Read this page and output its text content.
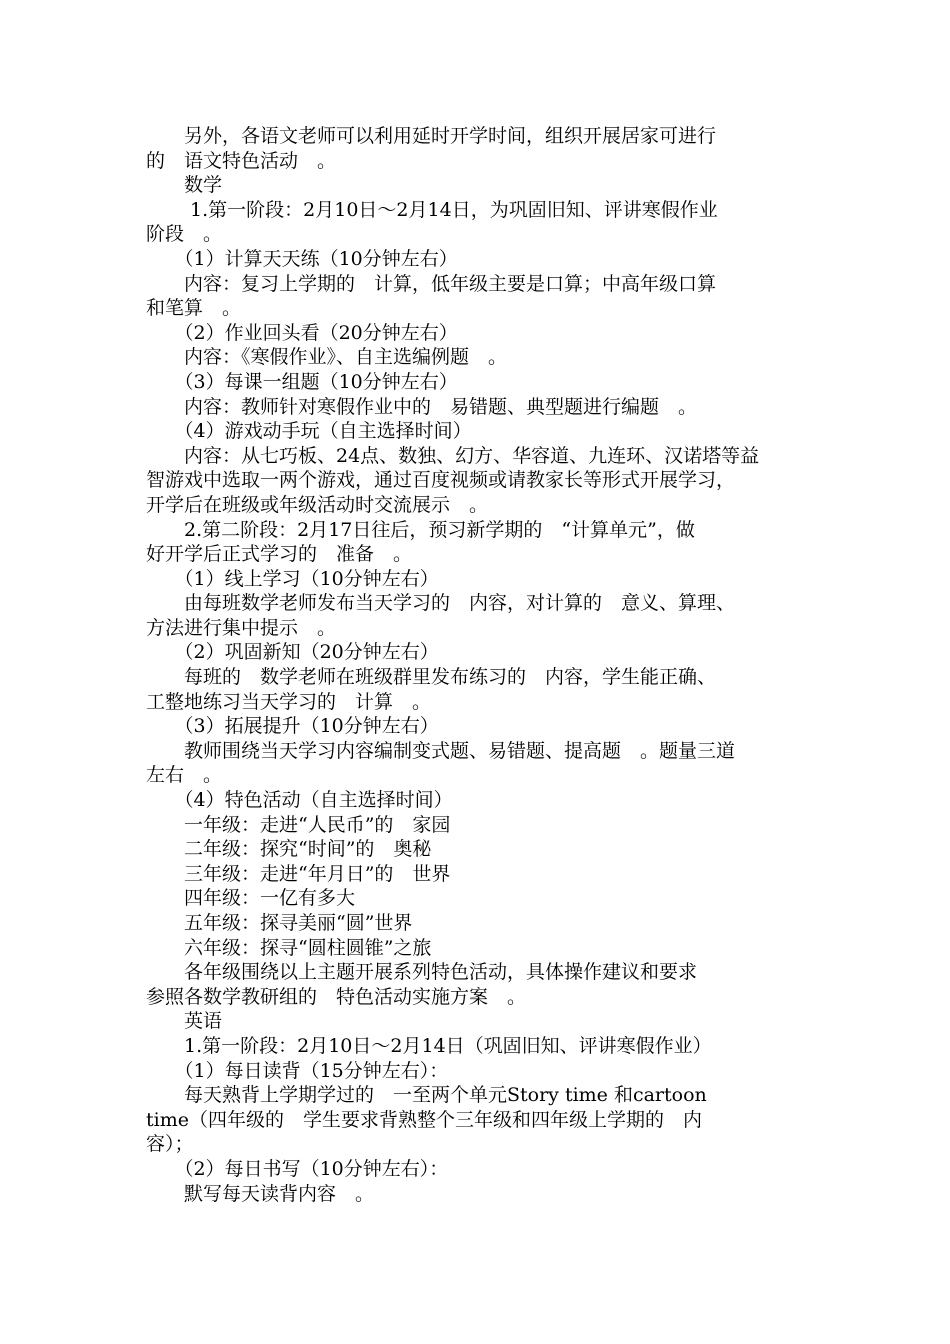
　　另外，各语文老师可以利用延时开学时间，组织开展居家可进行
的　语文特色活动　。
　　数学
　　 1.第一阶段：2月10日～2月14日，为巩固旧知、评讲寒假作业
阶段　。
　　（1）计算天天练（10分钟左右）
　　内容：复习上学期的　计算，低年级主要是口算；中高年级口算
和笔算　。
　　（2）作业回头看（20分钟左右）
　　内容：《寒假作业》、自主选编例题　。
　　（3）每课一组题（10分钟左右）
　　内容：教师针对寒假作业中的　易错题、典型题进行编题　。
　　（4）游戏动手玩（自主选择时间）
　　内容：从七巧板、24点、数独、幻方、华容道、九连环、汉诺塔等益
智游戏中选取一两个游戏，通过百度视频或请教家长等形式开展学习，
开学后在班级或年级活动时交流展示　。
　　2.第二阶段：2月17日往后，预习新学期的　“计算单元”，做
好开学后正式学习的　准备　。
　　（1）线上学习（10分钟左右）
　　由每班数学老师发布当天学习的　内容，对计算的　意义、算理、
方法进行集中提示　。
　　（2）巩固新知（20分钟左右）
　　每班的　数学老师在班级群里发布练习的　内容，学生能正确、
工整地练习当天学习的　计算　。
　　（3）拓展提升（10分钟左右）
　　教师围绕当天学习内容编制变式题、易错题、提高题　。题量三道
左右　。
　　（4）特色活动（自主选择时间）
　　一年级：走进“人民币”的　家园
　　二年级：探究“时间”的　奥秘
　　三年级：走进“年月日”的　世界
　　四年级：一亿有多大
　　五年级：探寻美丽“圆”世界
　　六年级：探寻“圆柱圆锥”之旅
　　各年级围绕以上主题开展系列特色活动，具体操作建议和要求
参照各数学教研组的　特色活动实施方案　。
　　英语
　　1.第一阶段：2月10日～2月14日（巩固旧知、评讲寒假作业）
　　（1）每日读背（15分钟左右）：
　　每天熟背上学期学过的　一至两个单元Story time 和cartoon
time（四年级的　学生要求背熟整个三年级和四年级上学期的　内
容）；
　　（2）每日书写（10分钟左右）：
　　默写每天读背内容　。
